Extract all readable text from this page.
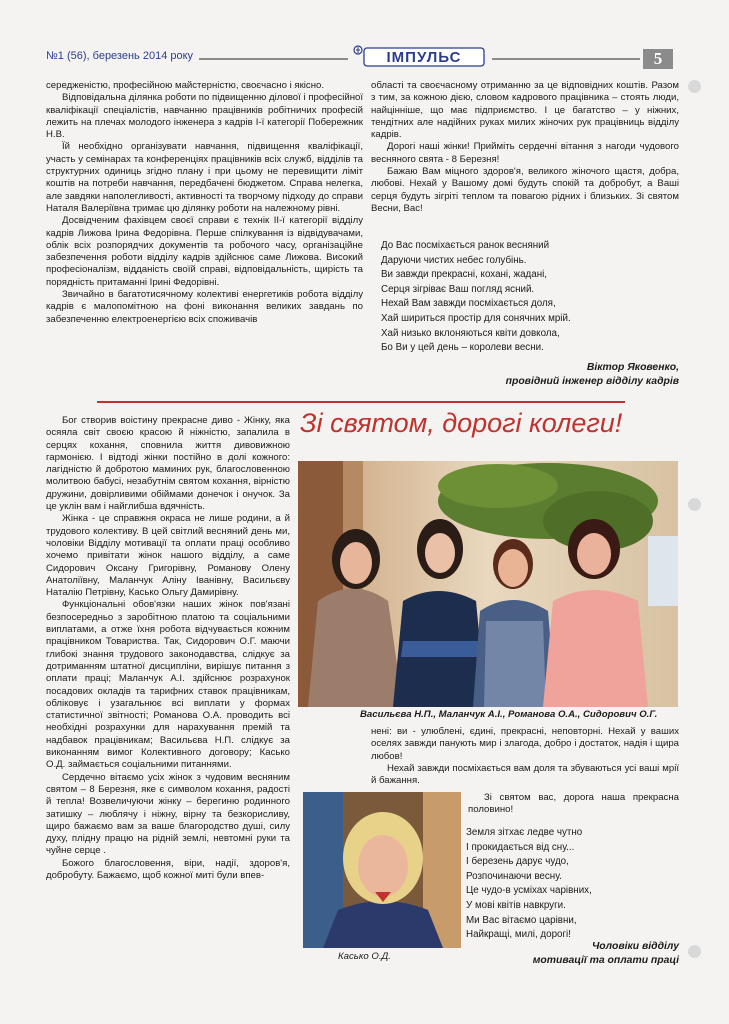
№1 (56), березень 2014 року	ІМПУЛЬС	5

середженістю, професійною майстерністю, своєчасно і якісно.

Відповідальна ділянка роботи по підвищенню ділової і професійної кваліфікації спеціалістів, навчанню працівників робітничих професій лежить на плечах молодого інженера з кадрів І-ї категорії Побережник Н.В.

Їй необхідно організувати навчання, підвищення кваліфікації, участь у семінарах та конференціях працівників всіх служб, відділів та структурних одиниць згідно плану і при цьому не перевищити ліміт коштів на потреби навчання, передбачені бюджетом. Справа нелегка, але завдяки наполегливості, активності та творчому підходу до справи Наталя Валеріївна тримає цю ділянку роботи на належному рівні.

Досвідченим фахівцем своєї справи є технік ІІ-ї категорії відділу кадрів Лижова Ірина Федорівна. Перше спілкування із відвідувачами, облік всіх розпорядчих документів та робочого часу, організаційне забезпечення роботи відділу кадрів здійснює саме Лижова. Високий професіоналізм, відданість своїй справі, відповідальність, щирість та порядність притаманні Ірині Федорівні.

Звичайно в багатотисячному колективі енергетиків робота відділу кадрів є малопомітною на фоні виконання великих завдань по забезпеченню електроенергією всіх споживачів

області та своєчасному отриманню за це відповідних коштів. Разом з тим, за кожною дією, словом кадрового працівника – стоять люди, найцінніше, що має підприємство. І це багатство – у ніжних, тендітних але надійних руках милих жіночих рук працівниць відділу кадрів.

Дорогі наші жінки! Прийміть сердечні вітання з нагоди чудового весняного свята - 8 Березня!

Бажаю Вам міцного здоров'я, великого жіночого щастя, добра, любові. Нехай у Вашому домі будуть спокій та добробут, а Ваші серця будуть зігріті теплом та повагою рідних і близьких. Зі святом Весни, Вас!

До Вас посміхається ранок весняний
Даруючи чистих небес голубінь.
Ви завжди прекрасні, кохані, жадані,
Серця зігріває Ваш погляд ясний.
Нехай Вам завжди посміхається доля,
Хай шириться простір для сонячних мрій.
Хай низько вклоняються квіти довкола,
Бо Ви у цей день – королеви весни.
Віктор Яковенко,
провідний інженер відділу кадрів
Зі святом, дорогі колеги!

Бог створив воістину прекрасне диво - Жінку, яка осяяла світ своєю красою й ніжністю, запалила в серцях кохання, сповнила життя дивовижною гармонією. І відтоді жінки постійно в долі кожного: лагідністю й добротою маминих рук, благословенною молитвою бабусі, незабутнім святом кохання, вірністю дружини, довірливими обіймами донечок і онучок. За це уклін вам і найглибша вдячність.

Жінка - це справжня окраса не лише родини, а й трудового колективу. В цей світлий весняний день ми, чоловіки Відділу мотивації та оплати праці особливо хочемо привітати жінок нашого відділу, а саме Сидорович Оксану Григорівну, Романову Олену Анатоліївну, Маланчук Аліну Іванівну, Васильєву Наталію Петрівну, Касько Ольгу Дамирівну.

Функціональні обов'язки наших жінок пов'язані безпосередньо з заробітною платою та соціальними виплатами, а отже їхня робота відчувається кожним працівником Товариства. Так, Сидорович О.Г. маючи глибокі знання трудового законодавства, слідкує за дотриманням штатної дисципліни, вирішує питання з оплати праці; Маланчук А.І. здійснює розрахунок посадових окладів та тарифних ставок працівникам, обліковує і узагальнює всі виплати у формах статистичної звітності; Романова О.А. проводить всі необхідні розрахунки для нарахування премій та надбавок працівникам; Васильєва Н.П. слідкує за виконанням вимог Колективного договору; Касько О.Д. займається соціальними питаннями.

Сердечно вітаємо усіх жінок з чудовим весняним святом – 8 Березня, яке є символом кохання, радості й тепла! Возвеличуючи жінку – берегиню родинного затишку – люблячу і ніжну, вірну та безкорисливу, щиро бажаємо вам за ваше благородство душі, силу духу, плідну працю на рідній землі, невтомні руки та чуйне серце .

Божого благословення, віри, надії, здоров'я, добробуту. Бажаємо, щоб кожної миті були впев-

Васильєва Н.П., Маланчук А.І., Романова О.А., Сидорович О.Г.

нені: ви - улюблені, єдині, прекрасні, неповторні. Нехай у ваших оселях завжди панують мир і злагода, добро і достаток, надія і щира любов!

Нехай завжди посміхається вам доля та збуваються усі ваші мрії й бажання.

Зі святом вас, дорога наша прекрасна половино!

Касько О.Д.
Земля зітхає ледве чутно
І прокидається від сну...
І березень дарує чудо,
Розпочинаючи весну.
Це чудо-в усміхах чарівних,
У мові квітів навкруги.
Ми Вас вітаємо царівни,
Найкращі, милі, дорогі!
Чоловіки відділу
мотивації та оплати праці
